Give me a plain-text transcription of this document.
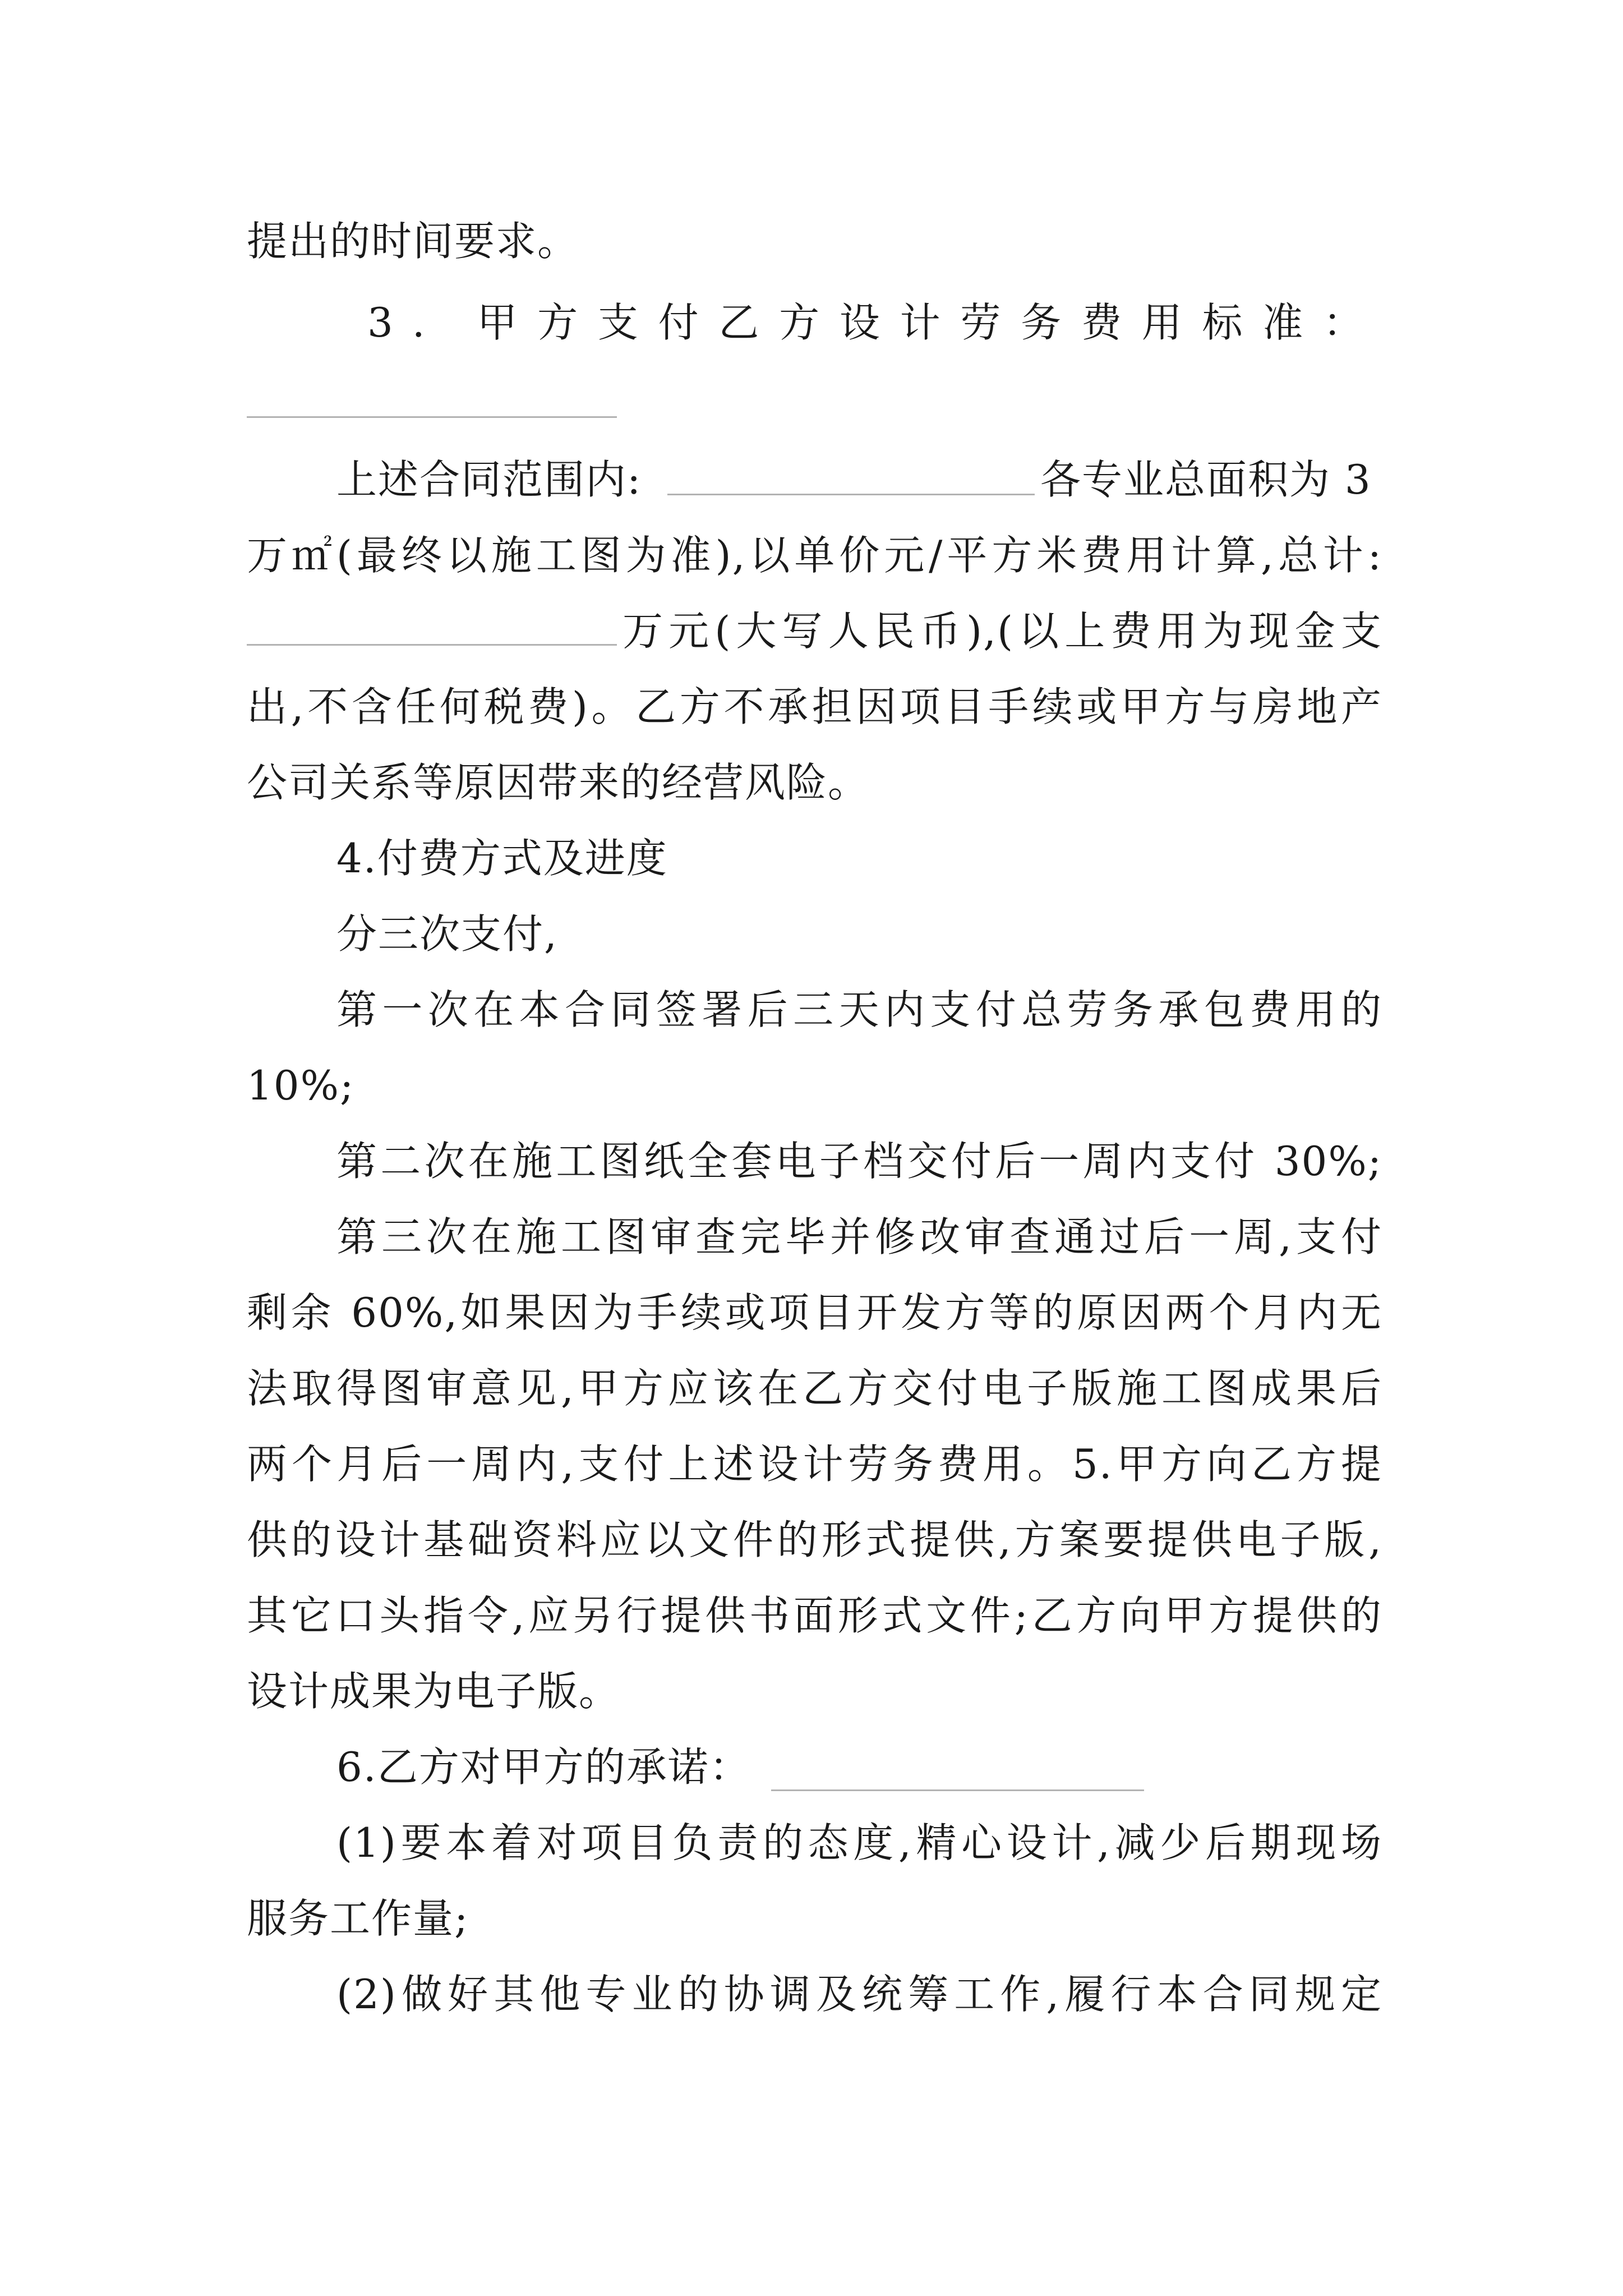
提出的时间要求。
3. 甲方支付乙方设计劳务费用标准：
上述合同范围内:	各专业总面积为 3
万㎡(最终以施工图为准),以单价元/平方米费用计算,总计:
万元(大写人民币),(以上费用为现金支
出,不含任何税费)。乙方不承担因项目手续或甲方与房地产
公司关系等原因带来的经营风险。
4.付费方式及进度
分三次支付,
第一次在本合同签署后三天内支付总劳务承包费用的
10%;
第二次在施工图纸全套电子档交付后一周内支付 30%;
第三次在施工图审查完毕并修改审查通过后一周,支付
剩余 60%,如果因为手续或项目开发方等的原因两个月内无
法取得图审意见,甲方应该在乙方交付电子版施工图成果后
两个月后一周内,支付上述设计劳务费用。5.甲方向乙方提
供的设计基础资料应以文件的形式提供,方案要提供电子版,
其它口头指令,应另行提供书面形式文件;乙方向甲方提供的
设计成果为电子版。
6.乙方对甲方的承诺：
(1)要本着对项目负责的态度,精心设计,减少后期现场
服务工作量;
(2)做好其他专业的协调及统筹工作,履行本合同规定
